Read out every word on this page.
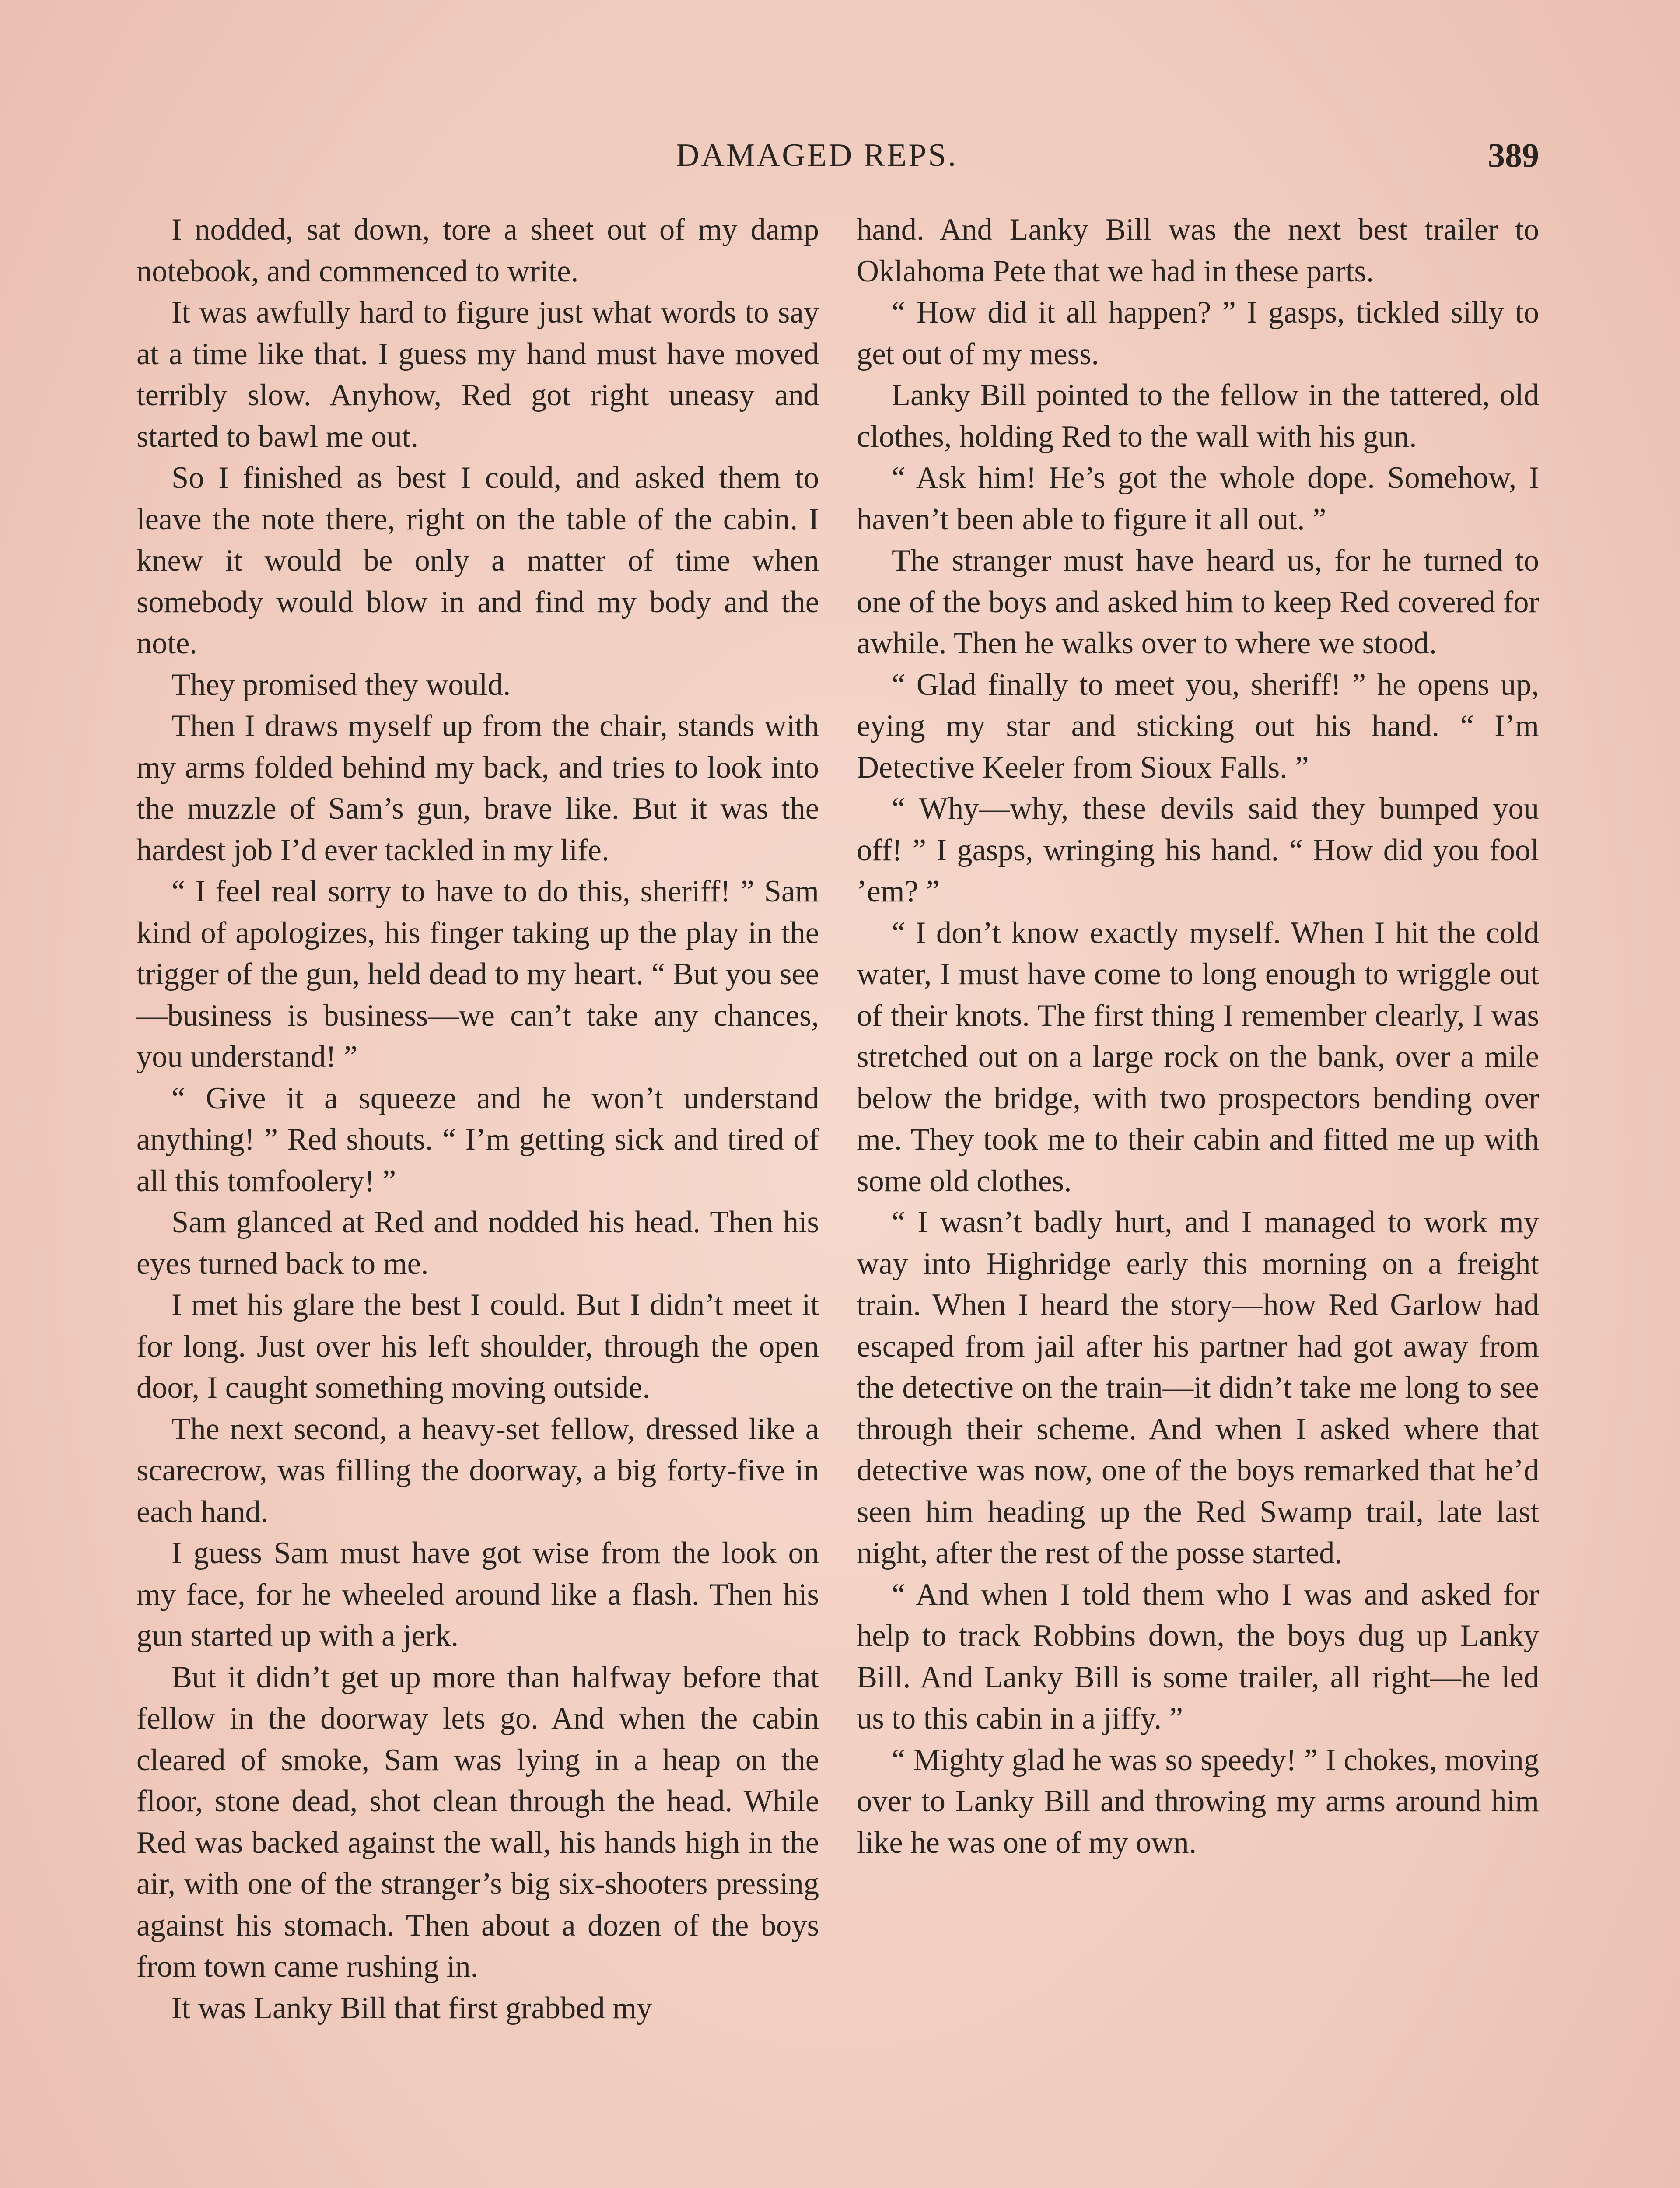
DAMAGED REPS.	389

I nodded, sat down, tore a sheet out of my damp notebook, and commenced to write.

It was awfully hard to figure just what words to say at a time like that. I guess my hand must have moved terribly slow. Anyhow, Red got right uneasy and started to bawl me out.

So I finished as best I could, and asked them to leave the note there, right on the table of the cabin. I knew it would be only a matter of time when somebody would blow in and find my body and the note.

They promised they would.

Then I draws myself up from the chair, stands with my arms folded behind my back, and tries to look into the muzzle of Sam’s gun, brave like. But it was the hardest job I’d ever tackled in my life.

“ I feel real sorry to have to do this, sheriff! ” Sam kind of apologizes, his finger taking up the play in the trigger of the gun, held dead to my heart. “ But you see—business is business—we can’t take any chances, you understand! ”

“ Give it a squeeze and he won’t understand anything! ” Red shouts. “ I’m getting sick and tired of all this tomfoolery! ”

Sam glanced at Red and nodded his head. Then his eyes turned back to me.

I met his glare the best I could. But I didn’t meet it for long. Just over his left shoulder, through the open door, I caught something moving outside.

The next second, a heavy-set fellow, dressed like a scarecrow, was filling the doorway, a big forty-five in each hand.

I guess Sam must have got wise from the look on my face, for he wheeled around like a flash. Then his gun started up with a jerk.

But it didn’t get up more than halfway before that fellow in the doorway lets go. And when the cabin cleared of smoke, Sam was lying in a heap on the floor, stone dead, shot clean through the head. While Red was backed against the wall, his hands high in the air, with one of the stranger’s big six-shooters pressing against his stomach. Then about a dozen of the boys from town came rushing in.

It was Lanky Bill that first grabbed my

hand. And Lanky Bill was the next best trailer to Oklahoma Pete that we had in these parts.

“ How did it all happen? ” I gasps, tickled silly to get out of my mess.

Lanky Bill pointed to the fellow in the tattered, old clothes, holding Red to the wall with his gun.

“ Ask him! He’s got the whole dope. Somehow, I haven’t been able to figure it all out. ”

The stranger must have heard us, for he turned to one of the boys and asked him to keep Red covered for awhile. Then he walks over to where we stood.

“ Glad finally to meet you, sheriff! ” he opens up, eying my star and sticking out his hand. “ I’m Detective Keeler from Sioux Falls. ”

“ Why—why, these devils said they bumped you off! ” I gasps, wringing his hand. “ How did you fool ’em? ”

“ I don’t know exactly myself. When I hit the cold water, I must have come to long enough to wriggle out of their knots. The first thing I remember clearly, I was stretched out on a large rock on the bank, over a mile below the bridge, with two prospectors bending over me. They took me to their cabin and fitted me up with some old clothes.

“ I wasn’t badly hurt, and I managed to work my way into Highridge early this morning on a freight train. When I heard the story—how Red Garlow had escaped from jail after his partner had got away from the detective on the train—it didn’t take me long to see through their scheme. And when I asked where that detective was now, one of the boys remarked that he’d seen him heading up the Red Swamp trail, late last night, after the rest of the posse started.

“ And when I told them who I was and asked for help to track Robbins down, the boys dug up Lanky Bill. And Lanky Bill is some trailer, all right—he led us to this cabin in a jiffy. ”

“ Mighty glad he was so speedy! ” I chokes, moving over to Lanky Bill and throwing my arms around him like he was one of my own.
